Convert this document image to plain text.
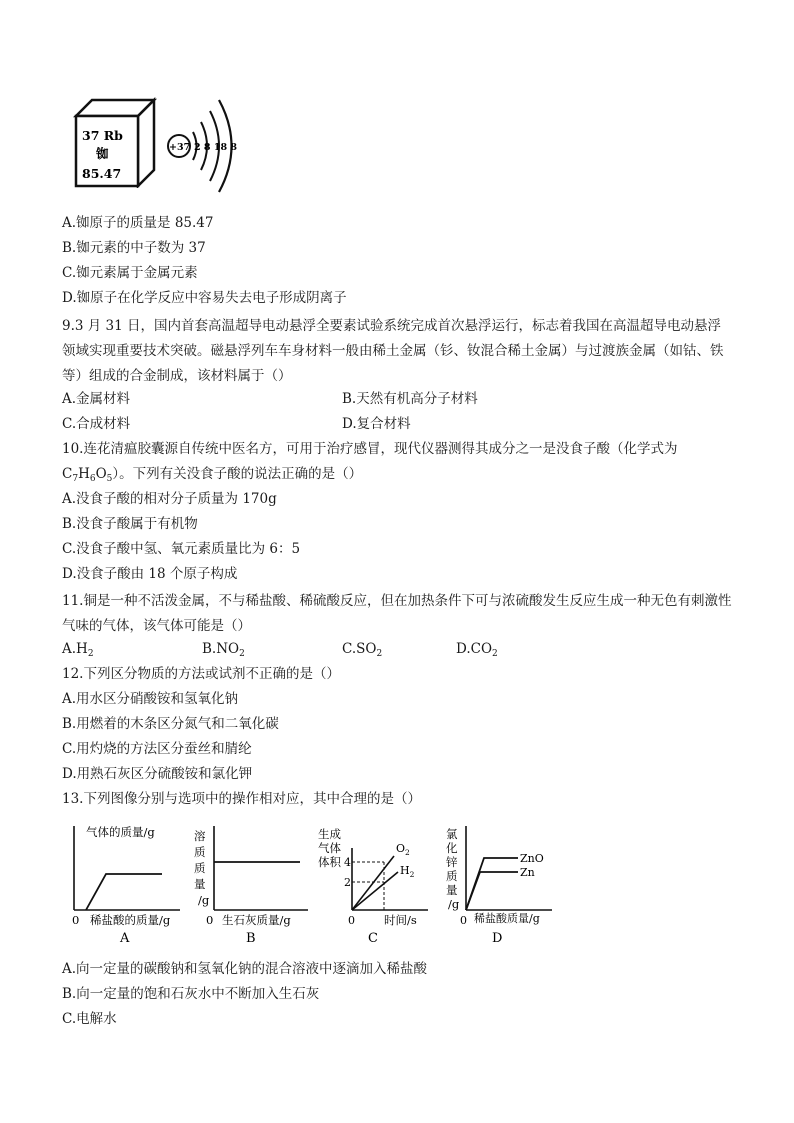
37 Rb
铷
85.47
+37 2 8 18 8
A.铷原子的质量是 85.47
B.铷元素的中子数为 37
C.铷元素属于金属元素
D.铷原子在化学反应中容易失去电子形成阴离子
9.3 月 31 日，国内首套高温超导电动悬浮全要素试验系统完成首次悬浮运行，标志着我国在高温超导电动悬浮领域实现重要技术突破。磁悬浮列车车身材料一般由稀土金属（钐、钕混合稀土金属）与过渡族金属（如钴、铁等）组成的合金制成，该材料属于（）
A.金属材料	B.天然有机高分子材料
C.合成材料	D.复合材料
10.连花清瘟胶囊源自传统中医名方，可用于治疗感冒，现代仪器测得其成分之一是没食子酸（化学式为
$C_7H_6O_5$）。下列有关没食子酸的说法正确的是（）
A.没食子酸的相对分子质量为 170g
B.没食子酸属于有机物
C.没食子酸中氢、氧元素质量比为 6：5
D.没食子酸由 18 个原子构成
11.铜是一种不活泼金属，不与稀盐酸、稀硫酸反应，但在加热条件下可与浓硫酸发生反应生成一种无色有刺激性气味的气体，该气体可能是（）
$A.H_2$	$B.NO_2$	$C.SO_2$	$D.CO_2$
12.下列区分物质的方法或试剂不正确的是（）
A.用水区分硝酸铵和氢氧化钠
B.用燃着的木条区分氮气和二氧化碳
C.用灼烧的方法区分蚕丝和腈纶
D.用熟石灰区分硫酸铵和氯化钾
13.下列图像分别与选项中的操作相对应，其中合理的是（）
气体的质量/g
0 稀盐酸的质量/g
A
溶
质
质
量
/g
0 生石灰质量/g
B
生成
气体
体积 4
2
$O_2$
$H_2$
0	时间/s
C
氯
化
锌
质
量
/g
ZnO
Zn
0 稀盐酸质量/g
D
A.向一定量的碳酸钠和氢氧化钠的混合溶液中逐滴加入稀盐酸
B.向一定量的饱和石灰水中不断加入生石灰
C.电解水
